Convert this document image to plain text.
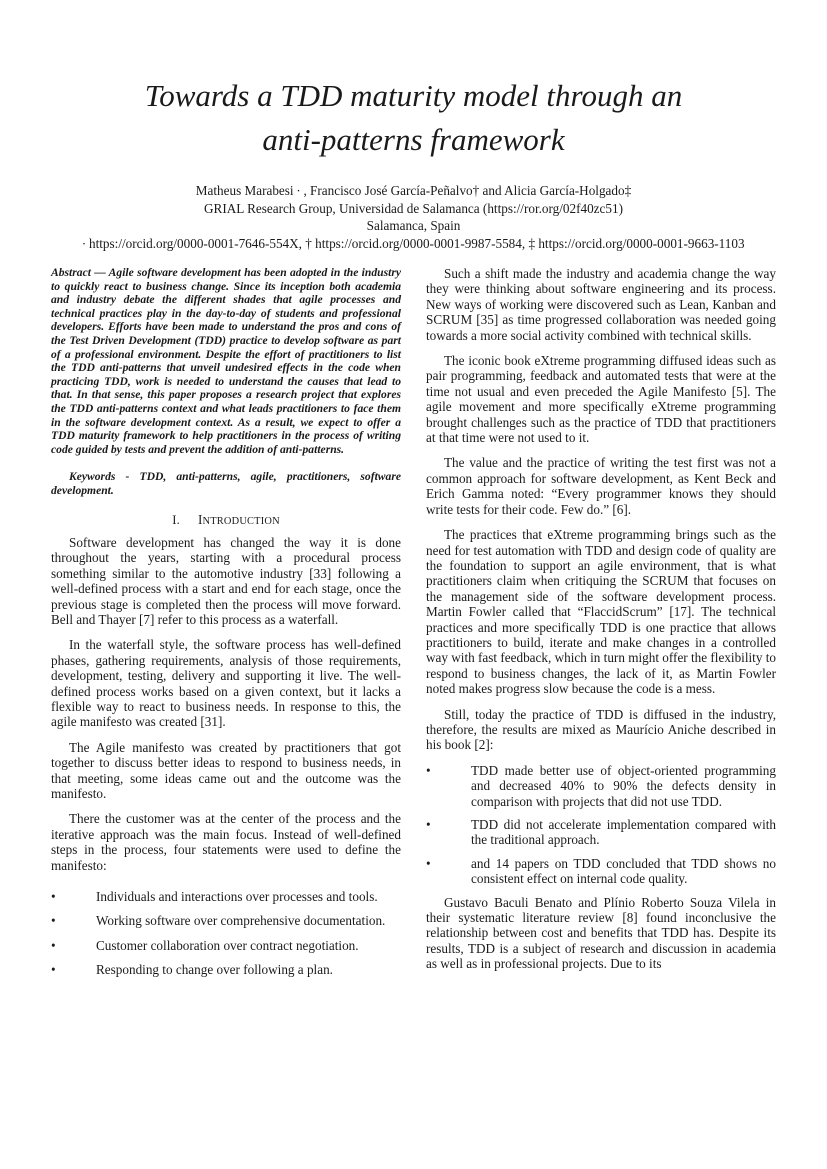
Towards a TDD maturity model through an
anti-patterns framework
Matheus Marabesi ∙ , Francisco José García-Peñalvo† and Alicia García-Holgado‡
GRIAL Research Group, Universidad de Salamanca (https://ror.org/02f40zc51)
Salamanca, Spain
∙ https://orcid.org/0000-0001-7646-554X, † https://orcid.org/0000-0001-9987-5584, ‡ https://orcid.org/0000-0001-9663-1103

Abstract — Agile software development has been adopted in the industry to quickly react to business change. Since its inception both academia and industry debate the different shades that agile processes and technical practices play in the day-to-day of students and professional developers. Efforts have been made to understand the pros and cons of the Test Driven Development (TDD) practice to develop software as part of a professional environment. Despite the effort of practitioners to list the TDD anti-patterns that unveil undesired effects in the code when practicing TDD, work is needed to understand the causes that lead to that. In that sense, this paper proposes a research project that explores the TDD anti-patterns context and what leads practitioners to face them in the software development context. As a result, we expect to offer a TDD maturity framework to help practitioners in the process of writing code guided by tests and prevent the addition of anti-patterns.

Keywords - TDD, anti-patterns, agile, practitioners, software development.

I. INTRODUCTION

Software development has changed the way it is done throughout the years, starting with a procedural process something similar to the automotive industry [33] following a well-defined process with a start and end for each stage, once the previous stage is completed then the process will move forward. Bell and Thayer [7] refer to this process as a waterfall.

In the waterfall style, the software process has well-defined phases, gathering requirements, analysis of those requirements, development, testing, delivery and supporting it live. The well-defined process works based on a given context, but it lacks a flexible way to react to business needs. In response to this, the agile manifesto was created [31].

The Agile manifesto was created by practitioners that got together to discuss better ideas to respond to business needs, in that meeting, some ideas came out and the outcome was the manifesto.

There the customer was at the center of the process and the iterative approach was the main focus. Instead of well-defined steps in the process, four statements were used to define the manifesto:

•	Individuals and interactions over processes and tools.
•	Working software over comprehensive documentation.
•	Customer collaboration over contract negotiation.
•	Responding to change over following a plan.

Such a shift made the industry and academia change the way they were thinking about software engineering and its process. New ways of working were discovered such as Lean, Kanban and SCRUM [35] as time progressed collaboration was needed going towards a more social activity combined with technical skills.

The iconic book eXtreme programming diffused ideas such as pair programming, feedback and automated tests that were at the time not usual and even preceded the Agile Manifesto [5]. The agile movement and more specifically eXtreme programming brought challenges such as the practice of TDD that practitioners at that time were not used to it.

The value and the practice of writing the test first was not a common approach for software development, as Kent Beck and Erich Gamma noted: “Every programmer knows they should write tests for their code. Few do.” [6].

The practices that eXtreme programming brings such as the need for test automation with TDD and design code of quality are the foundation to support an agile environment, that is what practitioners claim when critiquing the SCRUM that focuses on the management side of the software development process. Martin Fowler called that “FlaccidScrum” [17]. The technical practices and more specifically TDD is one practice that allows practitioners to build, iterate and make changes in a controlled way with fast feedback, which in turn might offer the flexibility to respond to business changes, the lack of it, as Martin Fowler noted makes progress slow because the code is a mess.

Still, today the practice of TDD is diffused in the industry, therefore, the results are mixed as Maurício Aniche described in his book [2]:

•	TDD made better use of object-oriented programming and decreased 40% to 90% the defects density in comparison with projects that did not use TDD.
•	TDD did not accelerate implementation compared with the traditional approach.
•	and 14 papers on TDD concluded that TDD shows no consistent effect on internal code quality.

Gustavo Baculi Benato and Plínio Roberto Souza Vilela in their systematic literature review [8] found inconclusive the relationship between cost and benefits that TDD has. Despite its results, TDD is a subject of research and discussion in academia as well as in professional projects. Due to its
